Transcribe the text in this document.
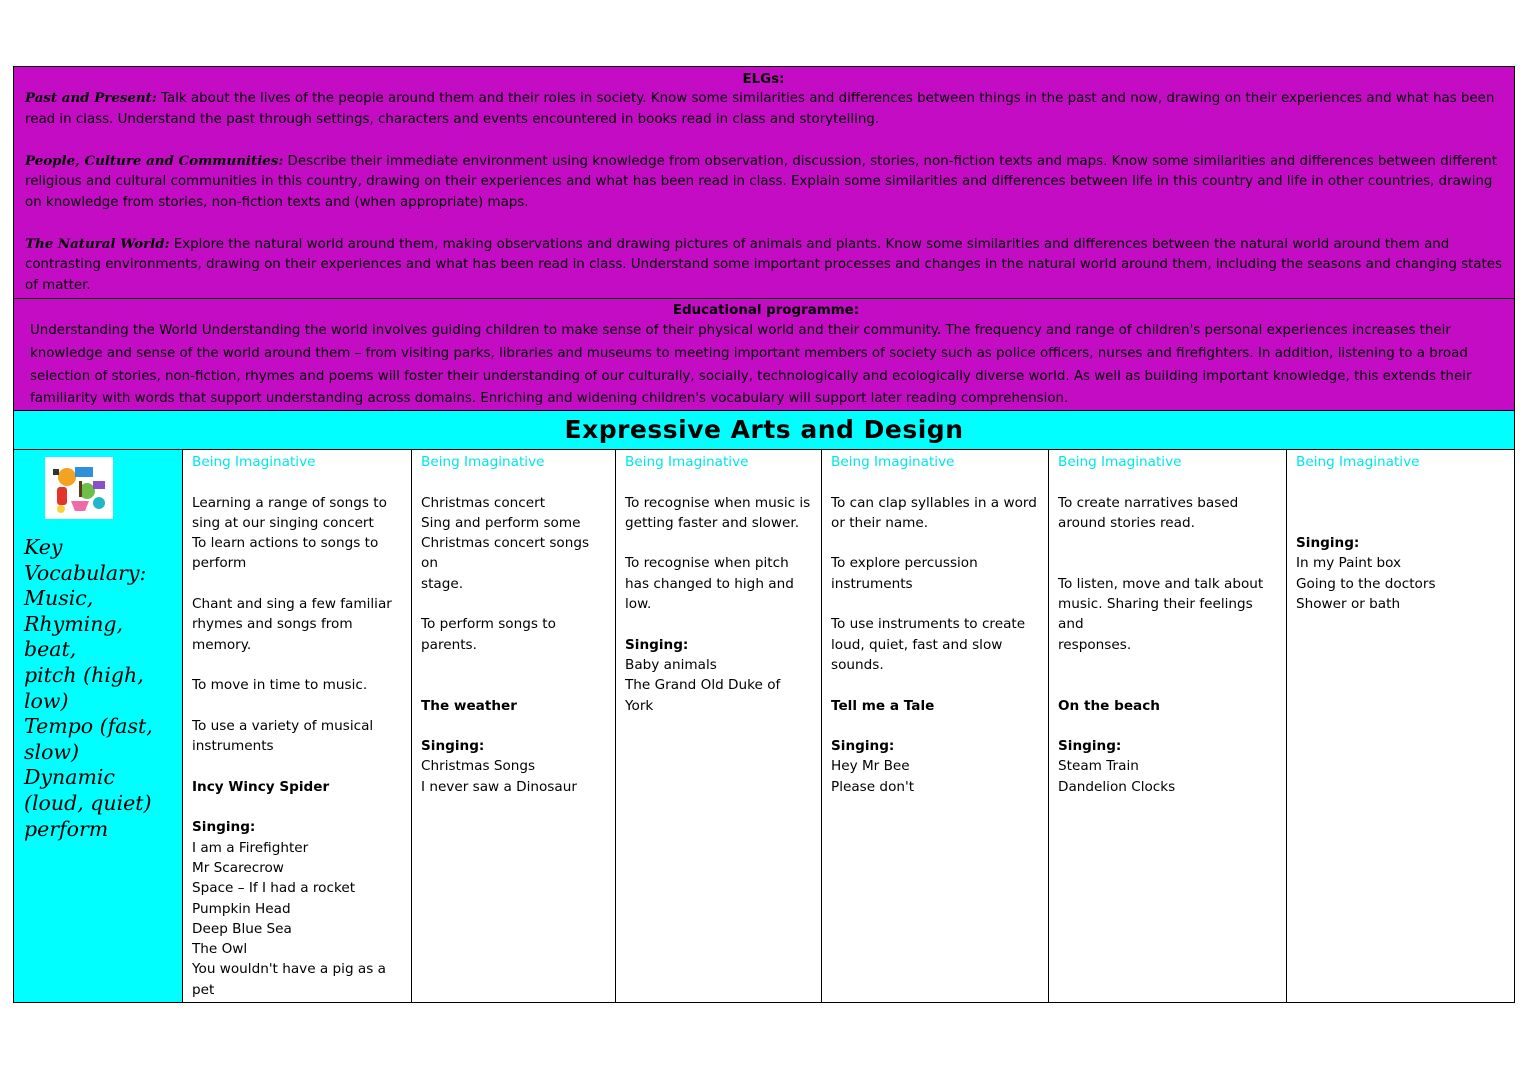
ELGs:

Past and Present: Talk about the lives of the people around them and their roles in society. Know some similarities and differences between things in the past and now, drawing on their experiences and what has been read in class. Understand the past through settings, characters and events encountered in books read in class and storytelling.

People, Culture and Communities: Describe their immediate environment using knowledge from observation, discussion, stories, non-fiction texts and maps. Know some similarities and differences between different religious and cultural communities in this country, drawing on their experiences and what has been read in class. Explain some similarities and differences between life in this country and life in other countries, drawing on knowledge from stories, non-fiction texts and (when appropriate) maps.

The Natural World: Explore the natural world around them, making observations and drawing pictures of animals and plants. Know some similarities and differences between the natural world around them and contrasting environments, drawing on their experiences and what has been read in class. Understand some important processes and changes in the natural world around them, including the seasons and changing states of matter.

Educational programme:
Understanding the World Understanding the world involves guiding children to make sense of their physical world and their community. The frequency and range of children's personal experiences increases their knowledge and sense of the world around them – from visiting parks, libraries and museums to meeting important members of society such as police officers, nurses and firefighters. In addition, listening to a broad selection of stories, non-fiction, rhymes and poems will foster their understanding of our culturally, socially, technologically and ecologically diverse world. As well as building important knowledge, this extends their familiarity with words that support understanding across domains. Enriching and widening children's vocabulary will support later reading comprehension.
Expressive Arts and Design
Key
Vocabulary:
Music,
Rhyming, beat,
pitch (high,
low)
Tempo (fast,
slow)
Dynamic
(loud, quiet)
perform
Being Imaginative
Learning a range of songs to
sing at our singing concert
To learn actions to songs to
perform
Chant and sing a few familiar
rhymes and songs from
memory.
To move in time to music.
To use a variety of musical
instruments
Incy Wincy Spider
Singing:
I am a Firefighter
Mr Scarecrow
Space – If I had a rocket
Pumpkin Head
Deep Blue Sea
The Owl
You wouldn't have a pig as a
pet
Being Imaginative
Christmas concert
Sing and perform some
Christmas concert songs on
stage.
To perform songs to
parents.
The weather
Singing:
Christmas Songs
I never saw a Dinosaur
Being Imaginative
To recognise when music is
getting faster and slower.
To recognise when pitch
has changed to high and
low.
Singing:
Baby animals
The Grand Old Duke of
York
Being Imaginative
To can clap syllables in a word
or their name.
To explore percussion
instruments
To use instruments to create
loud, quiet, fast and slow
sounds.
Tell me a Tale
Singing:
Hey Mr Bee
Please don't
Being Imaginative
To create narratives based
around stories read.
To listen, move and talk about
music. Sharing their feelings and
responses.
On the beach
Singing:
Steam Train
Dandelion Clocks
Being Imaginative
Singing:
In my Paint box
Going to the doctors
Shower or bath
